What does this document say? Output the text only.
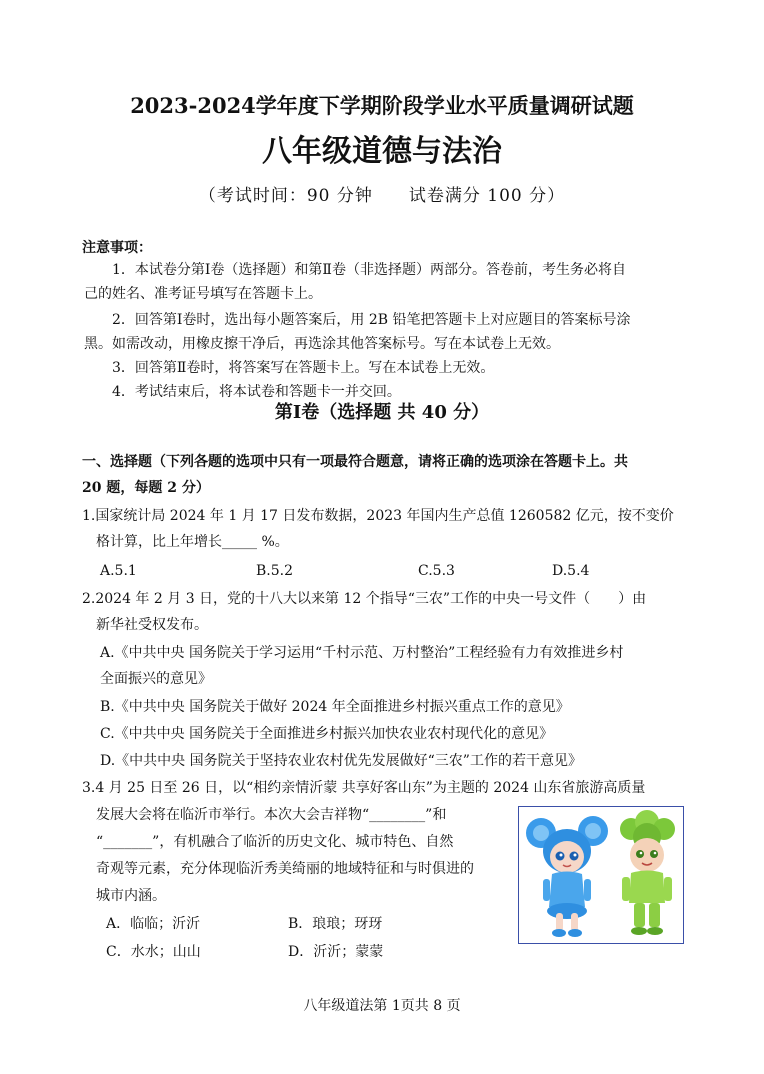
2023-2024学年度下学期阶段学业水平质量调研试题
八年级道德与法治
（考试时间：90 分钟　　试卷满分 100 分）
注意事项：
1．本试卷分第Ⅰ卷（选择题）和第Ⅱ卷（非选择题）两部分。答卷前，考生务必将自
己的姓名、准考证号填写在答题卡上。
2．回答第Ⅰ卷时，选出每小题答案后，用 2B 铅笔把答题卡上对应题目的答案标号涂
黑。如需改动，用橡皮擦干净后，再选涂其他答案标号。写在本试卷上无效。
3．回答第Ⅱ卷时，将答案写在答题卡上。写在本试卷上无效。
4．考试结束后，将本试卷和答题卡一并交回。
第Ⅰ卷（选择题 共 40 分）
一、选择题（下列各题的选项中只有一项最符合题意，请将正确的选项涂在答题卡上。共
20 题，每题 2 分）
1.国家统计局 2024 年 1 月 17 日发布数据，2023 年国内生产总值 1260582 亿元，按不变价
格计算，比上年增长_____ %。
A.5.1	B.5.2	C.5.3	D.5.4
2.2024 年 2 月 3 日，党的十八大以来第 12 个指导“三农”工作的中央一号文件（　　）由
新华社受权发布。
A.《中共中央 国务院关于学习运用“千村示范、万村整治”工程经验有力有效推进乡村
全面振兴的意见》
B.《中共中央 国务院关于做好 2024 年全面推进乡村振兴重点工作的意见》
C.《中共中央 国务院关于全面推进乡村振兴加快农业农村现代化的意见》
D.《中共中央 国务院关于坚持农业农村优先发展做好“三农”工作的若干意见》
3.4 月 25 日至 26 日，以“相约亲情沂蒙 共享好客山东”为主题的 2024 山东省旅游高质量
发展大会将在临沂市举行。本次大会吉祥物“________”和
“_______”，有机融合了临沂的历史文化、城市特色、自然
奇观等元素，充分体现临沂秀美绮丽的地域特征和与时俱进的
城市内涵。
A．临临；沂沂	B．琅琅；玡玡
C．水水；山山	D．沂沂；蒙蒙
八年级道法第 1页共 8 页
